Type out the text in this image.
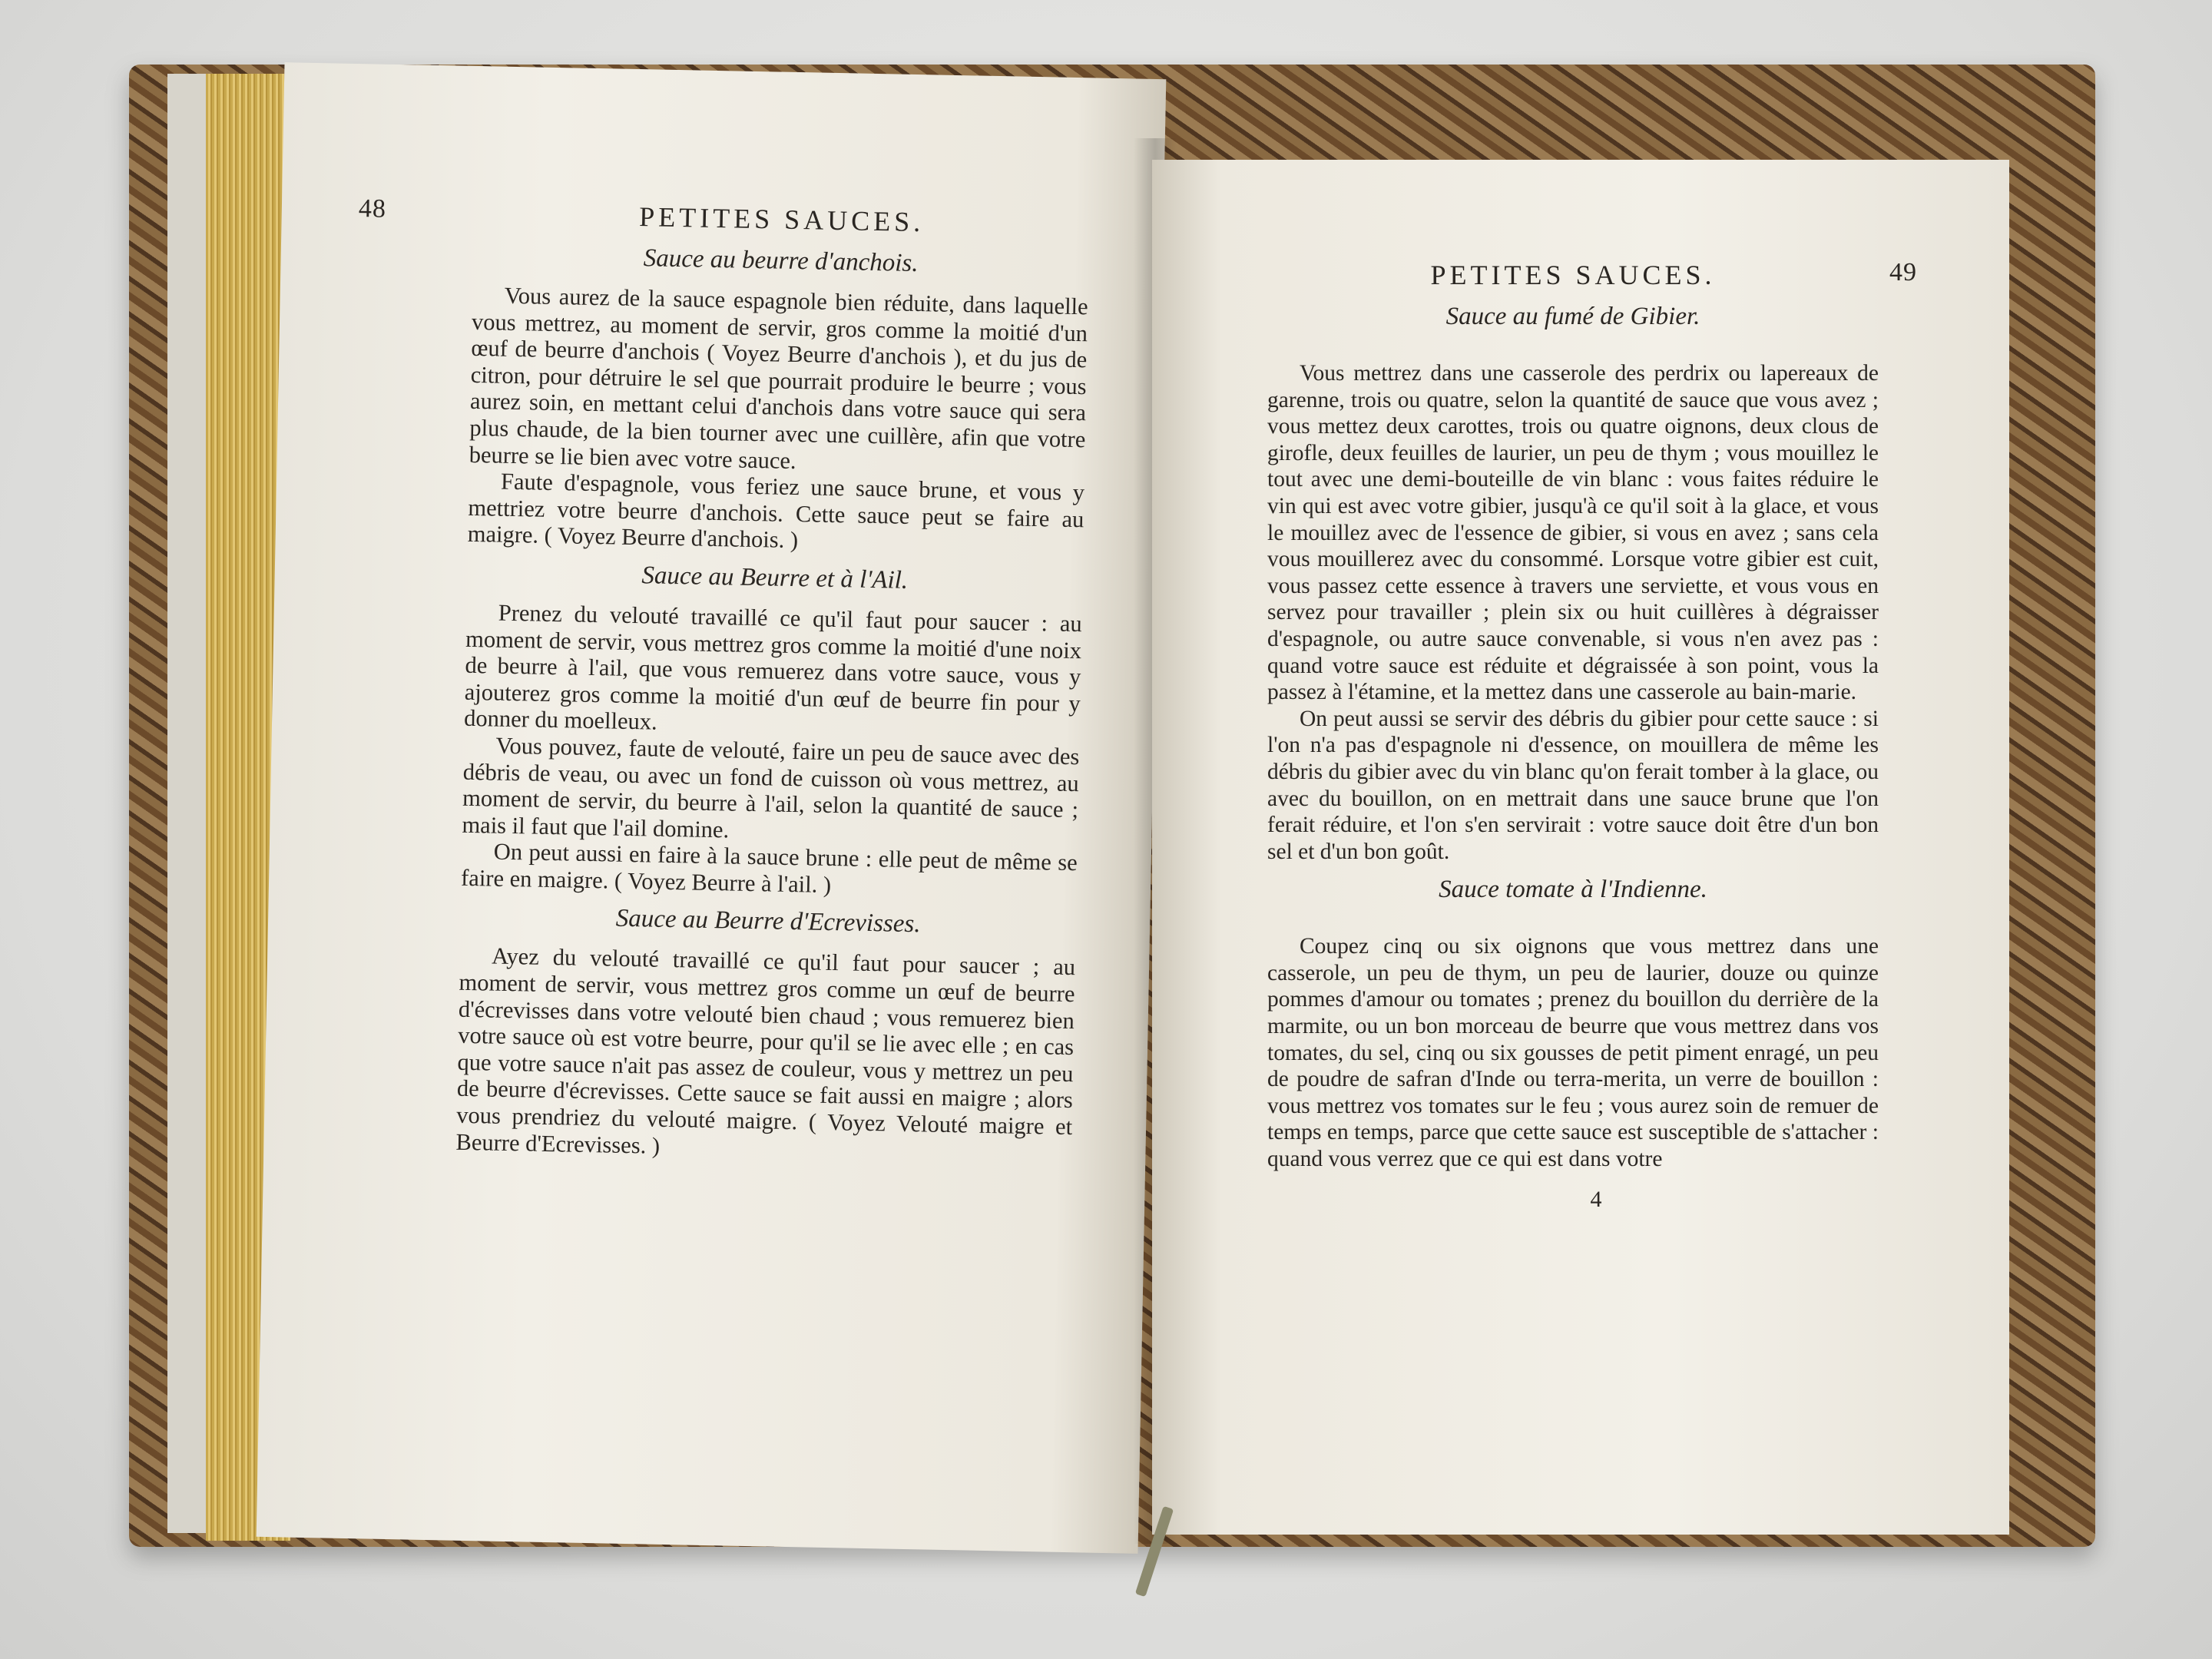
48	PETITES SAUCES.
Sauce au beurre d'anchois.

Vous aurez de la sauce espagnole bien réduite, dans laquelle vous mettrez, au moment de servir, gros comme la moitié d'un œuf de beurre d'anchois ( Voyez Beurre d'anchois ), et du jus de citron, pour détruire le sel que pourrait produire le beurre ; vous aurez soin, en mettant celui d'anchois dans votre sauce qui sera plus chaude, de la bien tourner avec une cuillère, afin que votre beurre se lie bien avec votre sauce.

Faute d'espagnole, vous feriez une sauce brune, et vous y mettriez votre beurre d'anchois. Cette sauce peut se faire au maigre. ( Voyez Beurre d'anchois. )

Sauce au Beurre et à l'Ail.

Prenez du velouté travaillé ce qu'il faut pour saucer : au moment de servir, vous mettrez gros comme la moitié d'une noix de beurre à l'ail, que vous remuerez dans votre sauce, vous y ajouterez gros comme la moitié d'un œuf de beurre fin pour y donner du moelleux.

Vous pouvez, faute de velouté, faire un peu de sauce avec des débris de veau, ou avec un fond de cuisson où vous mettrez, au moment de servir, du beurre à l'ail, selon la quantité de sauce ; mais il faut que l'ail domine.

On peut aussi en faire à la sauce brune : elle peut de même se faire en maigre. ( Voyez Beurre à l'ail. )

Sauce au Beurre d'Ecrevisses.

Ayez du velouté travaillé ce qu'il faut pour saucer ; au moment de servir, vous mettrez gros comme un œuf de beurre d'écrevisses dans votre velouté bien chaud ; vous remuerez bien votre sauce où est votre beurre, pour qu'il se lie avec elle ; en cas que votre sauce n'ait pas assez de couleur, vous y mettrez un peu de beurre d'écrevisses. Cette sauce se fait aussi en maigre ; alors vous prendriez du velouté maigre. ( Voyez Velouté maigre et Beurre d'Ecrevisses. )

PETITES SAUCES.	49
Sauce au fumé de Gibier.

Vous mettrez dans une casserole des perdrix ou lapereaux de garenne, trois ou quatre, selon la quantité de sauce que vous avez ; vous mettez deux carottes, trois ou quatre oignons, deux clous de girofle, deux feuilles de laurier, un peu de thym ; vous mouillez le tout avec une demi-bouteille de vin blanc : vous faites réduire le vin qui est avec votre gibier, jusqu'à ce qu'il soit à la glace, et vous le mouillez avec de l'essence de gibier, si vous en avez ; sans cela vous mouillerez avec du consommé. Lorsque votre gibier est cuit, vous passez cette essence à travers une serviette, et vous vous en servez pour travailler ; plein six ou huit cuillères à dégraisser d'espagnole, ou autre sauce convenable, si vous n'en avez pas : quand votre sauce est réduite et dégraissée à son point, vous la passez à l'étamine, et la mettez dans une casserole au bain-marie.

On peut aussi se servir des débris du gibier pour cette sauce : si l'on n'a pas d'espagnole ni d'essence, on mouillera de même les débris du gibier avec du vin blanc qu'on ferait tomber à la glace, ou avec du bouillon, on en mettrait dans une sauce brune que l'on ferait réduire, et l'on s'en servirait : votre sauce doit être d'un bon sel et d'un bon goût.

Sauce tomate à l'Indienne.

Coupez cinq ou six oignons que vous mettrez dans une casserole, un peu de thym, un peu de laurier, douze ou quinze pommes d'amour ou tomates ; prenez du bouillon du derrière de la marmite, ou un bon morceau de beurre que vous mettrez dans vos tomates, du sel, cinq ou six gousses de petit piment enragé, un peu de poudre de safran d'Inde ou terra-merita, un verre de bouillon : vous mettrez vos tomates sur le feu ; vous aurez soin de remuer de temps en temps, parce que cette sauce est susceptible de s'attacher : quand vous verrez que ce qui est dans votre

4
